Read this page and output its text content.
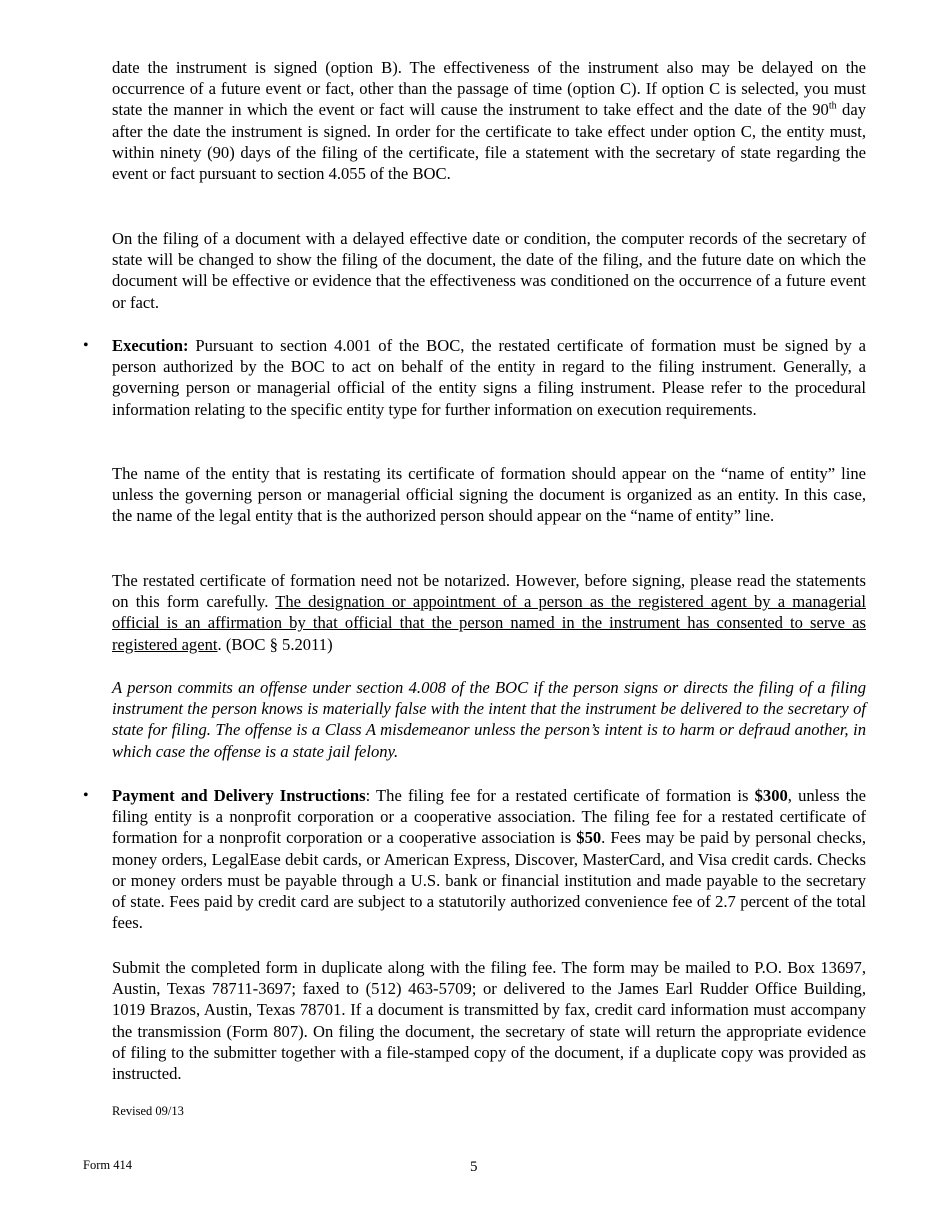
date the instrument is signed (option B). The effectiveness of the instrument also may be delayed on the occurrence of a future event or fact, other than the passage of time (option C). If option C is selected, you must state the manner in which the event or fact will cause the instrument to take effect and the date of the 90th day after the date the instrument is signed. In order for the certificate to take effect under option C, the entity must, within ninety (90) days of the filing of the certificate, file a statement with the secretary of state regarding the event or fact pursuant to section 4.055 of the BOC.

On the filing of a document with a delayed effective date or condition, the computer records of the secretary of state will be changed to show the filing of the document, the date of the filing, and the future date on which the document will be effective or evidence that the effectiveness was conditioned on the occurrence of a future event or fact.

• Execution: Pursuant to section 4.001 of the BOC, the restated certificate of formation must be signed by a person authorized by the BOC to act on behalf of the entity in regard to the filing instrument. Generally, a governing person or managerial official of the entity signs a filing instrument. Please refer to the procedural information relating to the specific entity type for further information on execution requirements.

The name of the entity that is restating its certificate of formation should appear on the “name of entity” line unless the governing person or managerial official signing the document is organized as an entity. In this case, the name of the legal entity that is the authorized person should appear on the “name of entity” line.

The restated certificate of formation need not be notarized. However, before signing, please read the statements on this form carefully. The designation or appointment of a person as the registered agent by a managerial official is an affirmation by that official that the person named in the instrument has consented to serve as registered agent. (BOC § 5.2011)

A person commits an offense under section 4.008 of the BOC if the person signs or directs the filing of a filing instrument the person knows is materially false with the intent that the instrument be delivered to the secretary of state for filing. The offense is a Class A misdemeanor unless the person’s intent is to harm or defraud another, in which case the offense is a state jail felony.

• Payment and Delivery Instructions: The filing fee for a restated certificate of formation is $300, unless the filing entity is a nonprofit corporation or a cooperative association. The filing fee for a restated certificate of formation for a nonprofit corporation or a cooperative association is $50. Fees may be paid by personal checks, money orders, LegalEase debit cards, or American Express, Discover, MasterCard, and Visa credit cards. Checks or money orders must be payable through a U.S. bank or financial institution and made payable to the secretary of state. Fees paid by credit card are subject to a statutorily authorized convenience fee of 2.7 percent of the total fees.

Submit the completed form in duplicate along with the filing fee. The form may be mailed to P.O. Box 13697, Austin, Texas 78711-3697; faxed to (512) 463-5709; or delivered to the James Earl Rudder Office Building, 1019 Brazos, Austin, Texas 78701. If a document is transmitted by fax, credit card information must accompany the transmission (Form 807). On filing the document, the secretary of state will return the appropriate evidence of filing to the submitter together with a file-stamped copy of the document, if a duplicate copy was provided as instructed.

Revised 09/13
Form 414	5
